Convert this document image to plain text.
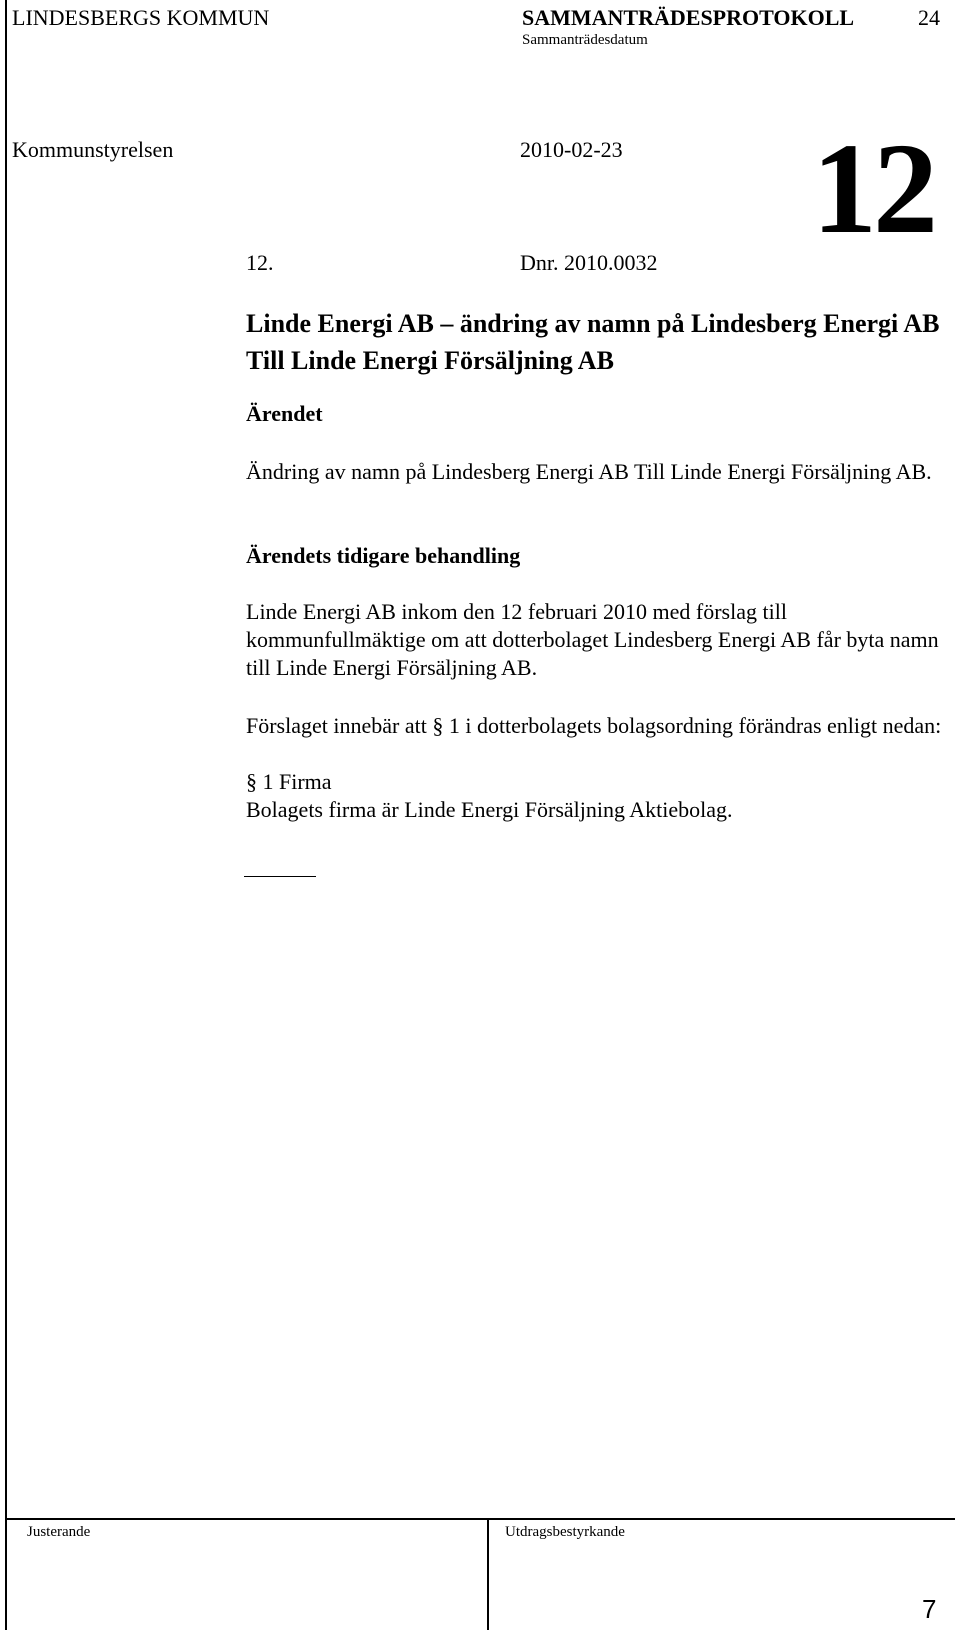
LINDESBERGS KOMMUN	SAMMANTRÄDESPROTOKOLL	24
Sammanträdesdatum
Kommunstyrelsen	2010-02-23 12
12.	Dnr. 2010.0032
Linde Energi AB – ändring av namn på Lindesberg Energi AB Till Linde Energi Försäljning AB
Ärendet
Ändring av namn på Lindesberg Energi AB Till Linde Energi Försäljning AB.
Ärendets tidigare behandling
Linde Energi AB inkom den 12 februari 2010 med förslag till kommunfullmäktige om att dotterbolaget Lindesberg Energi AB får byta namn till Linde Energi Försäljning AB.
Förslaget innebär att § 1 i dotterbolagets bolagsordning förändras enligt nedan:
§ 1 Firma
Bolagets firma är Linde Energi Försäljning Aktiebolag.
Justerande	Utdragsbestyrkande
7
